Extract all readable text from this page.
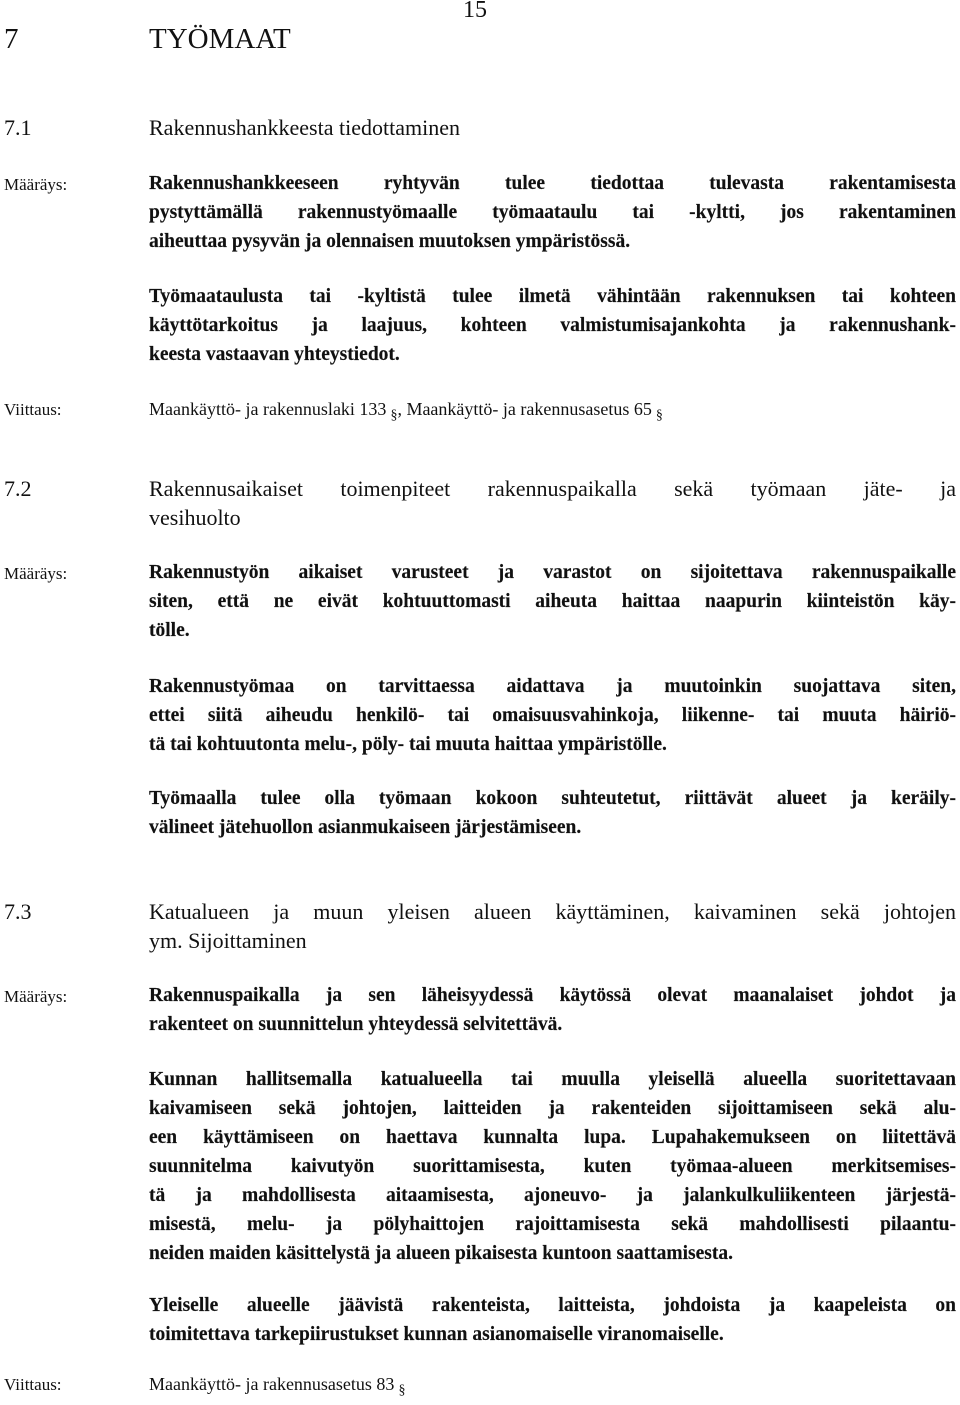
15
7	TYÖMAAT
7.1	Rakennushankkeesta tiedottaminen
Määräys:	Rakennushankkeeseen ryhtyvän tulee tiedottaa tulevasta rakentamisesta
pystyttämällä rakennustyömaalle työmaataulu tai -kyltti, jos rakentaminen
aiheuttaa pysyvän ja olennaisen muutoksen ympäristössä.
Työmaataulusta tai -kyltistä tulee ilmetä vähintään rakennuksen tai kohteen
käyttötarkoitus ja laajuus, kohteen valmistumisajankohta ja rakennushank-
keesta vastaavan yhteystiedot.
Viittaus:	Maankäyttö- ja rakennuslaki 133 §, Maankäyttö- ja rakennusasetus 65 §
7.2	Rakennusaikaiset toimenpiteet rakennuspaikalla sekä työmaan jäte- ja
vesihuolto
Määräys:	Rakennustyön aikaiset varusteet ja varastot on sijoitettava rakennuspaikalle
siten, että ne eivät kohtuuttomasti aiheuta haittaa naapurin kiinteistön käy-
tölle.
Rakennustyömaa on tarvittaessa aidattava ja muutoinkin suojattava siten,
ettei siitä aiheudu henkilö- tai omaisuusvahinkoja, liikenne- tai muuta häiriö-
tä tai kohtuutonta melu-, pöly- tai muuta haittaa ympäristölle.
Työmaalla tulee olla työmaan kokoon suhteutetut, riittävät alueet ja keräily-
välineet jätehuollon asianmukaiseen järjestämiseen.
7.3	Katualueen ja muun yleisen alueen käyttäminen, kaivaminen sekä johtojen
ym. Sijoittaminen
Määräys:	Rakennuspaikalla ja sen läheisyydessä käytössä olevat maanalaiset johdot ja
rakenteet on suunnittelun yhteydessä selvitettävä.
Kunnan hallitsemalla katualueella tai muulla yleisellä alueella suoritettavaan
kaivamiseen sekä johtojen, laitteiden ja rakenteiden sijoittamiseen sekä alu-
een käyttämiseen on haettava kunnalta lupa. Lupahakemukseen on liitettävä
suunnitelma kaivutyön suorittamisesta, kuten työmaa-alueen merkitsemises-
tä ja mahdollisesta aitaamisesta, ajoneuvo- ja jalankulkuliikenteen järjestä-
misestä, melu- ja pölyhaittojen rajoittamisesta sekä mahdollisesti pilaantu-
neiden maiden käsittelystä ja alueen pikaisesta kuntoon saattamisesta.
Yleiselle alueelle jäävistä rakenteista, laitteista, johdoista ja kaapeleista on
toimitettava tarkepiirustukset kunnan asianomaiselle viranomaiselle.
Viittaus:	Maankäyttö- ja rakennusasetus 83 §
